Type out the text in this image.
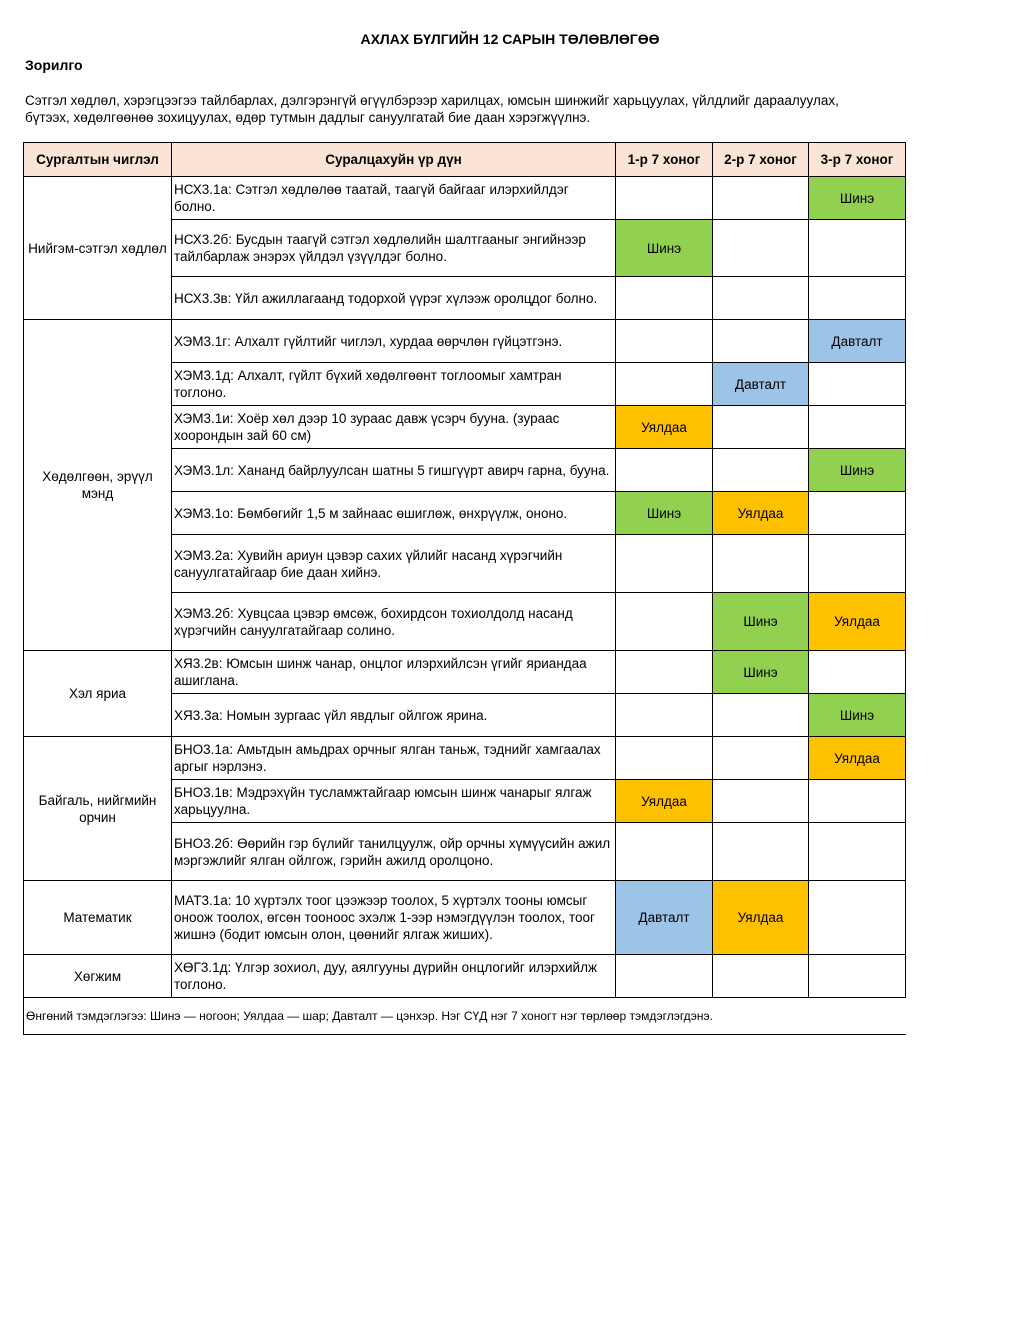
АХЛАХ БҮЛГИЙН 12 САРЫН ТӨЛӨВЛӨГӨӨ
Зорилго
Сэтгэл хөдлөл, хэрэгцээгээ тайлбарлах, дэлгэрэнгүй өгүүлбэрээр харилцах, юмсын шинжийг харьцуулах, үйлдлийг дараалуулах,
бүтээх, хөдөлгөөнөө зохицуулах, өдөр тутмын дадлыг сануулгатай бие даан хэрэгжүүлнэ.
Сургалтын чиглэл	Суралцахуйн үр дүн	1-р 7 хоног	2-р 7 хоног	3-р 7 хоног
Нийгэм-сэтгэл хөдлөл	НСХ3.1а: Сэтгэл хөдлөлөө таатай, таагүй байгааг илэрхийлдэг болно.			Шинэ
	НСХ3.2б: Бусдын таагүй сэтгэл хөдлөлийн шалтгааныг энгийнээр тайлбарлаж энэрэх үйлдэл үзүүлдэг болно.	Шинэ		
	НСХ3.3в: Үйл ажиллагаанд тодорхой үүрэг хүлээж оролцдог болно.			
Хөдөлгөөн, эрүүл мэнд	ХЭМ3.1г: Алхалт гүйлтийг чиглэл, хурдаа өөрчлөн гүйцэтгэнэ.			Давталт
	ХЭМ3.1д: Алхалт, гүйлт бүхий хөдөлгөөнт тоглоомыг хамтран тоглоно.		Давталт	
	ХЭМ3.1и: Хоёр хөл дээр 10 зураас давж үсэрч бууна. (зураас хоорондын зай 60 см)	Уялдаа		
	ХЭМ3.1л: Хананд байрлуулсан шатны 5 гишгүүрт авирч гарна, бууна.			Шинэ
	ХЭМ3.1о: Бөмбөгийг 1,5 м зайнаас өшиглөж, өнхрүүлж, ононо.	Шинэ	Уялдаа	
	ХЭМ3.2а: Хувийн ариун цэвэр сахих үйлийг насанд хүрэгчийн сануулгатайгаар бие даан хийнэ.			
	ХЭМ3.2б: Хувцсаа цэвэр өмсөж, бохирдсон тохиолдолд насанд хүрэгчийн сануулгатайгаар солино.		Шинэ	Уялдаа
Хэл яриа	ХЯ3.2в: Юмсын шинж чанар, онцлог илэрхийлсэн үгийг яриандаа ашиглана.		Шинэ	
	ХЯ3.3а: Номын зургаас үйл явдлыг ойлгож ярина.			Шинэ
Байгаль, нийгмийн орчин	БНО3.1а: Амьтдын амьдрах орчныг ялган таньж, тэднийг хамгаалах аргыг нэрлэнэ.			Уялдаа
	БНО3.1в: Мэдрэхүйн тусламжтайгаар юмсын шинж чанарыг ялгаж харьцуулна.	Уялдаа		
	БНО3.2б: Өөрийн гэр бүлийг танилцуулж, ойр орчны хүмүүсийн ажил мэргэжлийг ялган ойлгож, гэрийн ажилд оролцоно.			
Математик	МАТ3.1а: 10 хүртэлх тоог цээжээр тоолох, 5 хүртэлх тооны юмсыг оноож тоолох, өгсөн тооноос эхэлж 1-ээр нэмэгдүүлэн тоолох, тоог жишнэ (бодит юмсын олон, цөөнийг ялгаж жиших).	Давталт	Уялдаа	
Хөгжим	ХӨГ3.1д: Үлгэр зохиол, дуу, аялгууны дүрийн онцлогийг илэрхийлж тоглоно.			
Өнгөний тэмдэглэгээ: Шинэ — ногоон; Уялдаа — шар; Давталт — цэнхэр. Нэг СҮД нэг 7 хоногт нэг төрлөөр тэмдэглэгдэнэ.				
